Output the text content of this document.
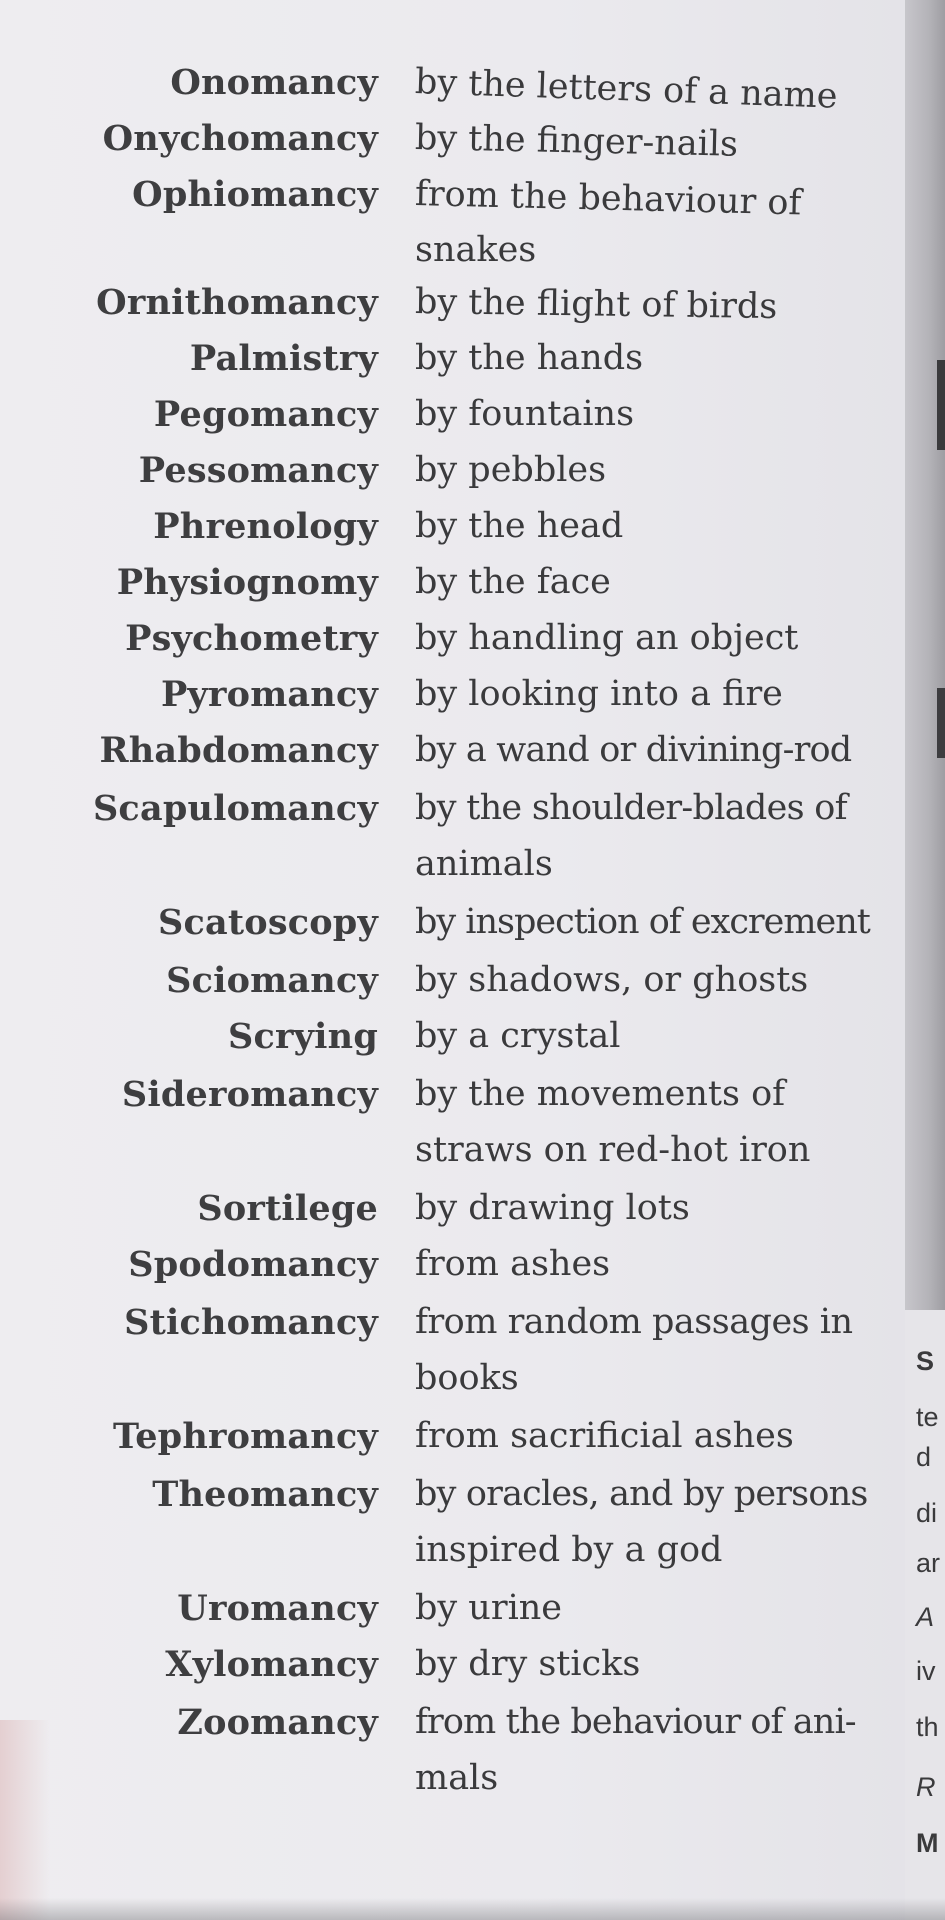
Onomancy by the letters of a name
Onychomancy by the finger-nails
Ophiomancy from the behaviour of
snakes
Ornithomancy by the flight of birds
Palmistry by the hands
Pegomancy by fountains
Pessomancy by pebbles
Phrenology by the head
Physiognomy by the face
Psychometry by handling an object
Pyromancy by looking into a fire
Rhabdomancy by a wand or divining-rod
Scapulomancy by the shoulder-blades of
animals
Scatoscopy by inspection of excrement
Sciomancy by shadows, or ghosts
Scrying by a crystal
Sideromancy by the movements of
straws on red-hot iron
Sortilege by drawing lots
Spodomancy from ashes
Stichomancy from random passages in
books
Tephromancy from sacrificial ashes
Theomancy by oracles, and by persons
inspired by a god
Uromancy by urine
Xylomancy by dry sticks
Zoomancy from the behaviour of ani-
mals
S
te
d
di
ar
A
iv
th
R
M
